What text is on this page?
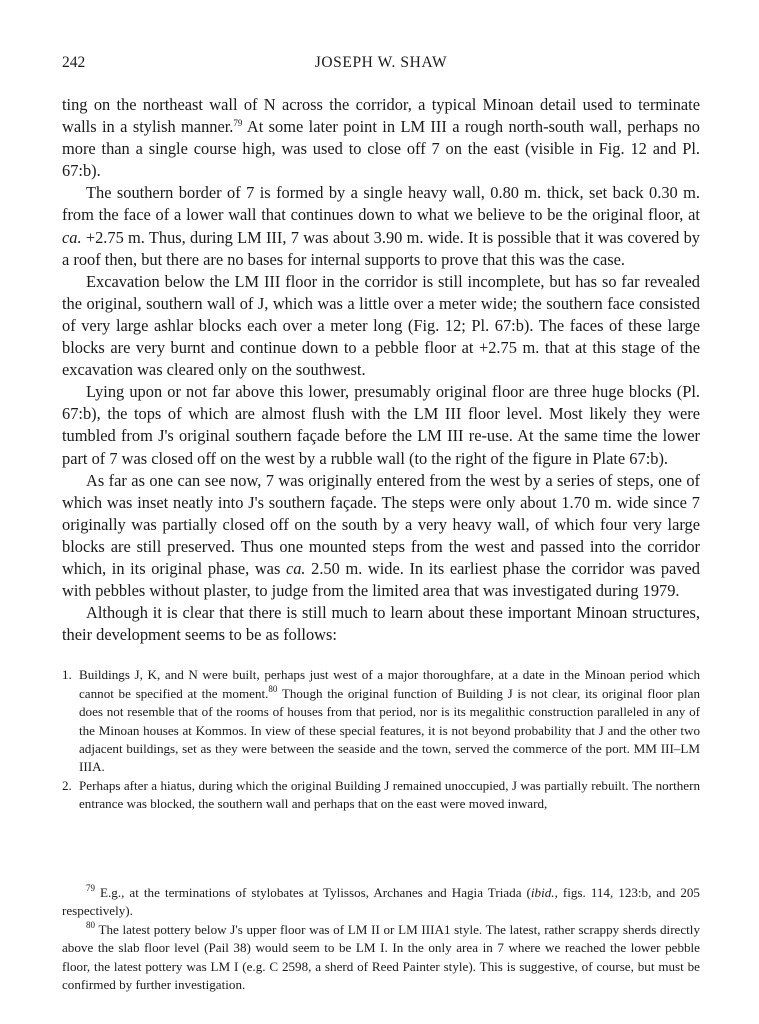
242	JOSEPH W. SHAW

ting on the northeast wall of N across the corridor, a typical Minoan detail used to terminate walls in a stylish manner.$^{79}$ At some later point in LM III a rough north-south wall, perhaps no more than a single course high, was used to close off 7 on the east (visible in Fig. 12 and Pl. 67:b).

The southern border of 7 is formed by a single heavy wall, 0.80 m. thick, set back 0.30 m. from the face of a lower wall that continues down to what we believe to be the original floor, at ca. +2.75 m. Thus, during LM III, 7 was about 3.90 m. wide. It is possible that it was covered by a roof then, but there are no bases for internal supports to prove that this was the case.

Excavation below the LM III floor in the corridor is still incomplete, but has so far revealed the original, southern wall of J, which was a little over a meter wide; the southern face consisted of very large ashlar blocks each over a meter long (Fig. 12; Pl. 67:b). The faces of these large blocks are very burnt and continue down to a pebble floor at +2.75 m. that at this stage of the excavation was cleared only on the southwest.

Lying upon or not far above this lower, presumably original floor are three huge blocks (Pl. 67:b), the tops of which are almost flush with the LM III floor level. Most likely they were tumbled from J's original southern façade before the LM III re-use. At the same time the lower part of 7 was closed off on the west by a rubble wall (to the right of the figure in Plate 67:b).

As far as one can see now, 7 was originally entered from the west by a series of steps, one of which was inset neatly into J's southern façade. The steps were only about 1.70 m. wide since 7 originally was partially closed off on the south by a very heavy wall, of which four very large blocks are still preserved. Thus one mounted steps from the west and passed into the corridor which, in its original phase, was ca. 2.50 m. wide. In its earliest phase the corridor was paved with pebbles without plaster, to judge from the limited area that was investigated during 1979.

Although it is clear that there is still much to learn about these important Minoan structures, their development seems to be as follows:

1. Buildings J, K, and N were built, perhaps just west of a major thoroughfare, at a date in the Minoan period which cannot be specified at the moment.$^{80}$ Though the original function of Building J is not clear, its original floor plan does not resemble that of the rooms of houses from that period, nor is its megalithic construction paralleled in any of the Minoan houses at Kommos. In view of these special features, it is not beyond probability that J and the other two adjacent buildings, set as they were between the seaside and the town, served the commerce of the port. MM III–LM IIIA.
2. Perhaps after a hiatus, during which the original Building J remained unoccupied, J was partially rebuilt. The northern entrance was blocked, the southern wall and perhaps that on the east were moved inward,

$^{79}$ E.g., at the terminations of stylobates at Tylissos, Archanes and Hagia Triada (ibid., figs. 114, 123:b, and 205 respectively).

$^{80}$ The latest pottery below J's upper floor was of LM II or LM IIIA1 style. The latest, rather scrappy sherds directly above the slab floor level (Pail 38) would seem to be LM I. In the only area in 7 where we reached the lower pebble floor, the latest pottery was LM I (e.g. C 2598, a sherd of Reed Painter style). This is suggestive, of course, but must be confirmed by further investigation.
